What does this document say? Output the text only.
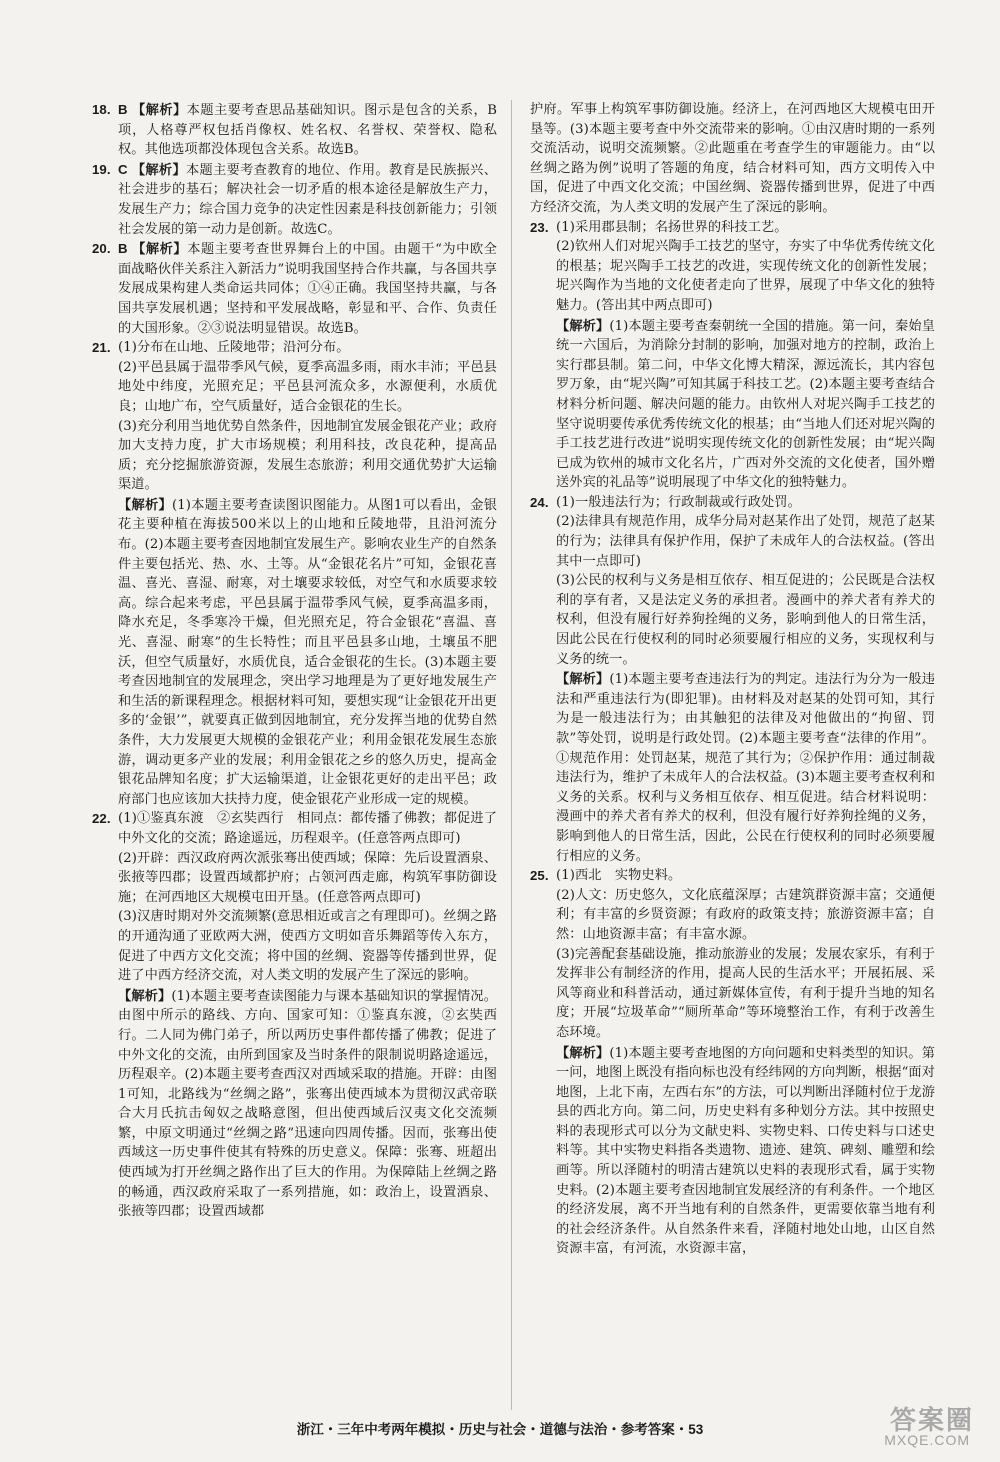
18. B 【解析】本题主要考查思品基础知识。图示是包含的关系，B项，人格尊严权包括肖像权、姓名权、名誉权、荣誉权、隐私权。其他选项都没体现包含关系。故选B。

19. C 【解析】本题主要考查教育的地位、作用。教育是民族振兴、社会进步的基石；解决社会一切矛盾的根本途径是解放生产力，发展生产力；综合国力竞争的决定性因素是科技创新能力；引领社会发展的第一动力是创新。故选C。

20. B 【解析】本题主要考查世界舞台上的中国。由题干“为中欧全面战略伙伴关系注入新活力”说明我国坚持合作共赢，与各国共享发展成果构建人类命运共同体；①④正确。我国坚持共赢，与各国共享发展机遇；坚持和平发展战略，彰显和平、合作、负责任的大国形象。②③说法明显错误。故选B。

21. (1)分布在山地、丘陵地带；沿河分布。

(2)平邑县属于温带季风气候，夏季高温多雨，雨水丰沛；平邑县地处中纬度，光照充足；平邑县河流众多，水源便利，水质优良；山地广布，空气质量好，适合金银花的生长。

(3)充分利用当地优势自然条件，因地制宜发展金银花产业；政府加大支持力度，扩大市场规模；利用科技，改良花种，提高品质；充分挖掘旅游资源，发展生态旅游；利用交通优势扩大运输渠道。

【解析】(1)本题主要考查读图识图能力。从图1可以看出，金银花主要种植在海拔500米以上的山地和丘陵地带，且沿河流分布。(2)本题主要考查因地制宜发展生产。影响农业生产的自然条件主要包括光、热、水、土等。从“金银花名片”可知，金银花喜温、喜光、喜湿、耐寒，对土壤要求较低，对空气和水质要求较高。综合起来考虑，平邑县属于温带季风气候，夏季高温多雨，降水充足，冬季寒冷干燥，但光照充足，符合金银花“喜温、喜光、喜湿、耐寒”的生长特性；而且平邑县多山地，土壤虽不肥沃，但空气质量好，水质优良，适合金银花的生长。(3)本题主要考查因地制宜的发展理念，突出学习地理是为了更好地发展生产和生活的新课程理念。根据材料可知，要想实现“让金银花开出更多的‘金银’”，就要真正做到因地制宜，充分发挥当地的优势自然条件，大力发展更大规模的金银花产业；利用金银花发展生态旅游，调动更多产业的发展；利用金银花之乡的悠久历史，提高金银花品牌知名度；扩大运输渠道，让金银花更好的走出平邑；政府部门也应该加大扶持力度，使金银花产业形成一定的规模。

22. (1)①鉴真东渡　②玄奘西行　相同点：都传播了佛教；都促进了中外文化的交流；路途遥远，历程艰辛。(任意答两点即可)

(2)开辟：西汉政府两次派张骞出使西域；保障：先后设置酒泉、张掖等四郡；设置西域都护府；占领河西走廊，构筑军事防御设施；在河西地区大规模屯田开垦。(任意答两点即可)

(3)汉唐时期对外交流频繁(意思相近或言之有理即可)。丝绸之路的开通沟通了亚欧两大洲，使西方文明如音乐舞蹈等传入东方，促进了中西方文化交流；将中国的丝绸、瓷器等传播到世界，促进了中西方经济交流，对人类文明的发展产生了深远的影响。

【解析】(1)本题主要考查读图能力与课本基础知识的掌握情况。由图中所示的路线、方向、国家可知：①鉴真东渡，②玄奘西行。二人同为佛门弟子，所以两历史事件都传播了佛教；促进了中外文化的交流，由所到国家及当时条件的限制说明路途遥远，历程艰辛。(2)本题主要考查西汉对西域采取的措施。开辟：由图1可知，北路线为“丝绸之路”，张骞出使西域本为贯彻汉武帝联合大月氏抗击匈奴之战略意图，但出使西域后汉夷文化交流频繁，中原文明通过“丝绸之路”迅速向四周传播。因而，张骞出使西域这一历史事件使其有特殊的历史意义。保障：张骞、班超出使西域为打开丝绸之路作出了巨大的作用。为保障陆上丝绸之路的畅通，西汉政府采取了一系列措施，如：政治上，设置酒泉、张掖等四郡；设置西域都

护府。军事上构筑军事防御设施。经济上，在河西地区大规模屯田开垦等。(3)本题主要考查中外交流带来的影响。①由汉唐时期的一系列交流活动，说明交流频繁。②此题重在考查学生的审题能力。由“以丝绸之路为例”说明了答题的角度，结合材料可知，西方文明传入中国，促进了中西文化交流；中国丝绸、瓷器传播到世界，促进了中西方经济交流，为人类文明的发展产生了深远的影响。

23. (1)采用郡县制；名扬世界的科技工艺。

(2)钦州人们对坭兴陶手工技艺的坚守，夯实了中华优秀传统文化的根基；坭兴陶手工技艺的改进，实现传统文化的创新性发展；坭兴陶作为当地的文化使者走向了世界，展现了中华文化的独特魅力。(答出其中两点即可)

【解析】(1)本题主要考查秦朝统一全国的措施。第一问，秦始皇统一六国后，为消除分封制的影响，加强对地方的控制，政治上实行郡县制。第二问，中华文化博大精深，源远流长，其内容包罗万象，由“坭兴陶”可知其属于科技工艺。(2)本题主要考查结合材料分析问题、解决问题的能力。由钦州人对坭兴陶手工技艺的坚守说明要传承优秀传统文化的根基；由“当地人们还对坭兴陶的手工技艺进行改进”说明实现传统文化的创新性发展；由“坭兴陶已成为钦州的城市文化名片，广西对外交流的文化使者，国外赠送外宾的礼品等”说明展现了中华文化的独特魅力。

24. (1)一般违法行为；行政制裁或行政处罚。

(2)法律具有规范作用，成华分局对赵某作出了处罚，规范了赵某的行为；法律具有保护作用，保护了未成年人的合法权益。(答出其中一点即可)

(3)公民的权利与义务是相互依存、相互促进的；公民既是合法权利的享有者，又是法定义务的承担者。漫画中的养犬者有养犬的权利，但没有履行好养狗拴绳的义务，影响到他人的日常生活，因此公民在行使权利的同时必须要履行相应的义务，实现权利与义务的统一。

【解析】(1)本题主要考查违法行为的判定。违法行为分为一般违法和严重违法行为(即犯罪)。由材料及对赵某的处罚可知，其行为是一般违法行为；由其触犯的法律及对他做出的“拘留、罚款”等处罚，说明是行政处罚。(2)本题主要考查“法律的作用”。①规范作用：处罚赵某，规范了其行为；②保护作用：通过制裁违法行为，维护了未成年人的合法权益。(3)本题主要考查权利和义务的关系。权利与义务相互依存、相互促进。结合材料说明：漫画中的养犬者有养犬的权利，但没有履行好养狗拴绳的义务，影响到他人的日常生活，因此，公民在行使权利的同时必须要履行相应的义务。

25. (1)西北　实物史料。

(2)人文：历史悠久，文化底蕴深厚；古建筑群资源丰富；交通便利；有丰富的乡贤资源；有政府的政策支持；旅游资源丰富；自然：山地资源丰富；有丰富水源。

(3)完善配套基础设施，推动旅游业的发展；发展农家乐，有利于发挥非公有制经济的作用，提高人民的生活水平；开展拓展、采风等商业和科普活动，通过新媒体宣传，有利于提升当地的知名度；开展“垃圾革命”“厕所革命”等环境整治工作，有利于改善生态环境。

【解析】(1)本题主要考查地图的方向问题和史料类型的知识。第一问，地图上既没有指向标也没有经纬网的方向判断，根据“面对地图，上北下南，左西右东”的方法，可以判断出泽随村位于龙游县的西北方向。第二问，历史史料有多种划分方法。其中按照史料的表现形式可以分为文献史料、实物史料、口传史料与口述史料等。其中实物史料指各类遗物、遗迹、建筑、碑刻、雕塑和绘画等。所以泽随村的明清古建筑以史料的表现形式看，属于实物史料。(2)本题主要考查因地制宜发展经济的有利条件。一个地区的经济发展，离不开当地有利的自然条件，更需要依靠当地有利的社会经济条件。从自然条件来看，泽随村地处山地，山区自然资源丰富，有河流，水资源丰富，

浙江・三年中考两年模拟・历史与社会・道德与法治・参考答案・53	答案圈
MXQE.COM
